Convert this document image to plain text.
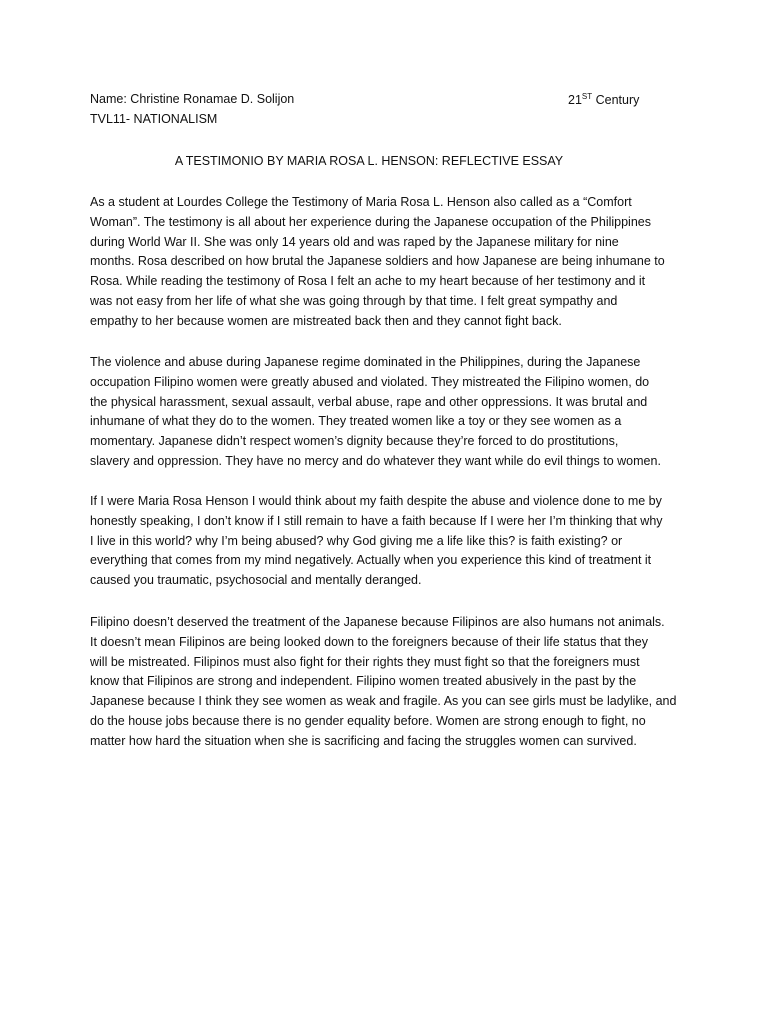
Name: Christine Ronamae D. Solijon	21ST Century
TVL11- NATIONALISM
A TESTIMONIO BY MARIA ROSA L. HENSON: REFLECTIVE ESSAY
As a student at Lourdes College the Testimony of Maria Rosa L. Henson also called as a “Comfort
Woman”. The testimony is all about her experience during the Japanese occupation of the Philippines
during World War II. She was only 14 years old and was raped by the Japanese military for nine
months. Rosa described on how brutal the Japanese soldiers and how Japanese are being inhumane to
Rosa. While reading the testimony of Rosa I felt an ache to my heart because of her testimony and it
was not easy from her life of what she was going through by that time. I felt great sympathy and
empathy to her because women are mistreated back then and they cannot fight back.
The violence and abuse during Japanese regime dominated in the Philippines, during the Japanese
occupation Filipino women were greatly abused and violated. They mistreated the Filipino women, do
the physical harassment, sexual assault, verbal abuse, rape and other oppressions. It was brutal and
inhumane of what they do to the women. They treated women like a toy or they see women as a
momentary. Japanese didn’t respect women’s dignity because they’re forced to do prostitutions,
slavery and oppression. They have no mercy and do whatever they want while do evil things to women.
If I were Maria Rosa Henson I would think about my faith despite the abuse and violence done to me by
honestly speaking, I don’t know if I still remain to have a faith because If I were her I’m thinking that why
I live in this world? why I’m being abused? why God giving me a life like this? is faith existing? or
everything that comes from my mind negatively. Actually when you experience this kind of treatment it
caused you traumatic, psychosocial and mentally deranged.
Filipino doesn’t deserved the treatment of the Japanese because Filipinos are also humans not animals.
It doesn’t mean Filipinos are being looked down to the foreigners because of their life status that they
will be mistreated. Filipinos must also fight for their rights they must fight so that the foreigners must
know that Filipinos are strong and independent. Filipino women treated abusively in the past by the
Japanese because I think they see women as weak and fragile. As you can see girls must be ladylike, and
do the house jobs because there is no gender equality before. Women are strong enough to fight, no
matter how hard the situation when she is sacrificing and facing the struggles women can survived.
